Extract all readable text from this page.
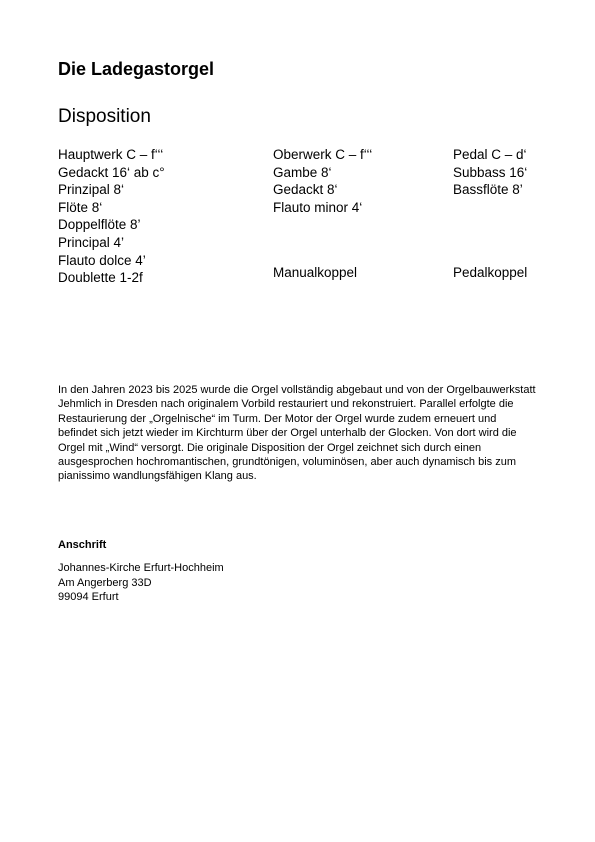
Die Ladegastorgel
Disposition
Hauptwerk C – f‘‘‘
Gedackt 16‘ ab c°
Prinzipal 8‘
Flöte 8‘
Doppelflöte 8’
Principal 4’
Flauto dolce 4’
Doublette 1-2f
Oberwerk C – f‘‘‘
Gambe 8‘
Gedackt 8‘
Flauto minor 4‘
Pedal C – d‘
Subbass 16‘
Bassflöte 8’
Manualkoppel	Pedalkoppel
In den Jahren 2023 bis 2025 wurde die Orgel vollständig abgebaut und von der Orgelbauwerkstatt Jehmlich in Dresden nach originalem Vorbild restauriert und rekonstruiert. Parallel erfolgte die Restaurierung der „Orgelnische“ im Turm. Der Motor der Orgel wurde zudem erneuert und befindet sich jetzt wieder im Kirchturm über der Orgel unterhalb der Glocken. Von dort wird die Orgel mit „Wind“ versorgt. Die originale Disposition der Orgel zeichnet sich durch einen ausgesprochen hochromantischen, grundtönigen, voluminösen, aber auch dynamisch bis zum pianissimo wandlungsfähigen Klang aus.
Anschrift
Johannes-Kirche Erfurt-Hochheim
Am Angerberg 33D
99094 Erfurt
